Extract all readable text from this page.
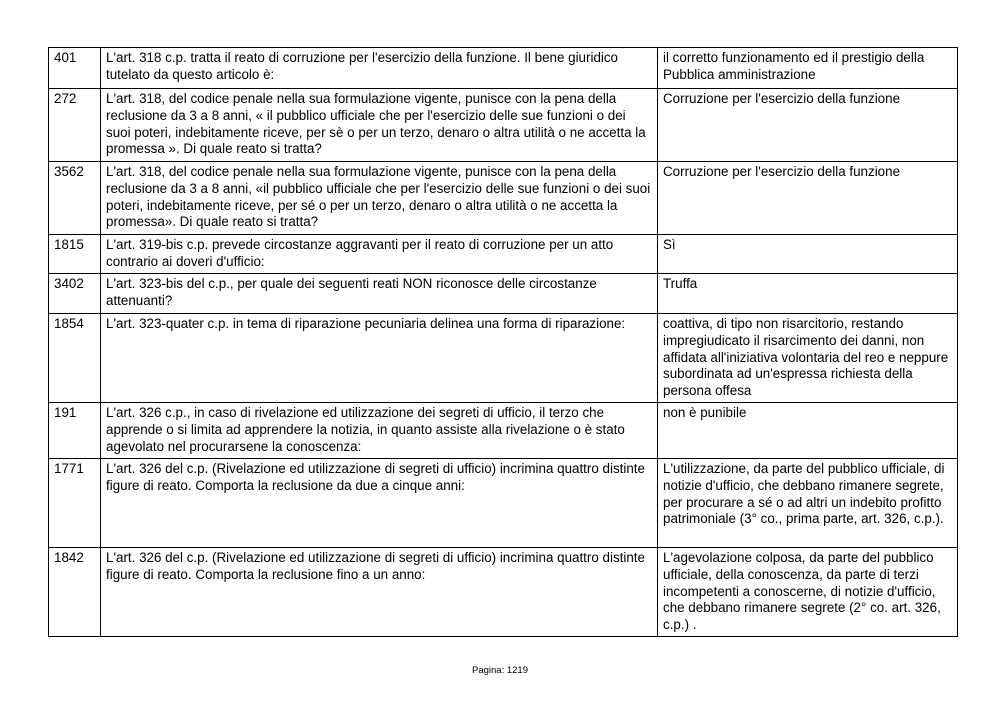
401	L'art. 318 c.p. tratta il reato di corruzione per l'esercizio della funzione. Il bene giuridico tutelato da questo articolo è:	il corretto funzionamento ed il prestigio della Pubblica amministrazione
272	L'art. 318, del codice penale nella sua formulazione vigente, punisce con la pena della reclusione da 3 a 8 anni, « il pubblico ufficiale che per l'esercizio delle sue funzioni o dei suoi poteri, indebitamente riceve, per sè o per un terzo, denaro o altra utilità o ne accetta la promessa ». Di quale reato si tratta?	Corruzione per l'esercizio della funzione
3562	L'art. 318, del codice penale nella sua formulazione vigente, punisce con la pena della reclusione da 3 a 8 anni, «il pubblico ufficiale che per l'esercizio delle sue funzioni o dei suoi poteri, indebitamente riceve, per sé o per un terzo, denaro o altra utilità o ne accetta la promessa». Di quale reato si tratta?	Corruzione per l'esercizio della funzione
1815	L'art. 319-bis c.p. prevede circostanze aggravanti per il reato di corruzione per un atto contrario ai doveri d'ufficio:	Sì
3402	L'art. 323-bis del c.p., per quale dei seguenti reati NON riconosce delle circostanze attenuanti?	Truffa
1854	L'art. 323-quater c.p. in tema di riparazione pecuniaria delinea una forma di riparazione:	coattiva, di tipo non risarcitorio, restando impregiudicato il risarcimento dei danni, non affidata all'iniziativa volontaria del reo e neppure subordinata ad un'espressa richiesta della persona offesa
191	L'art. 326 c.p., in caso di rivelazione ed utilizzazione dei segreti di ufficio, il terzo che apprende o si limita ad apprendere la notizia, in quanto assiste alla rivelazione o è stato agevolato nel procurarsene la conoscenza:	non è punibile
1771	L'art. 326 del c.p. (Rivelazione ed utilizzazione di segreti di ufficio) incrimina quattro distinte figure di reato. Comporta la reclusione da due a cinque anni:	L'utilizzazione, da parte del pubblico ufficiale, di notizie d'ufficio, che debbano rimanere segrete, per procurare a sé o ad altri un indebito profitto patrimoniale (3° co., prima parte, art. 326, c.p.).
1842	L'art. 326 del c.p. (Rivelazione ed utilizzazione di segreti di ufficio) incrimina quattro distinte figure di reato. Comporta la reclusione fino a un anno:	L'agevolazione colposa, da parte del pubblico ufficiale, della conoscenza, da parte di terzi incompetenti a conoscerne, di notizie d'ufficio, che debbano rimanere segrete (2° co. art. 326, c.p.) .
Pagina: 1219
